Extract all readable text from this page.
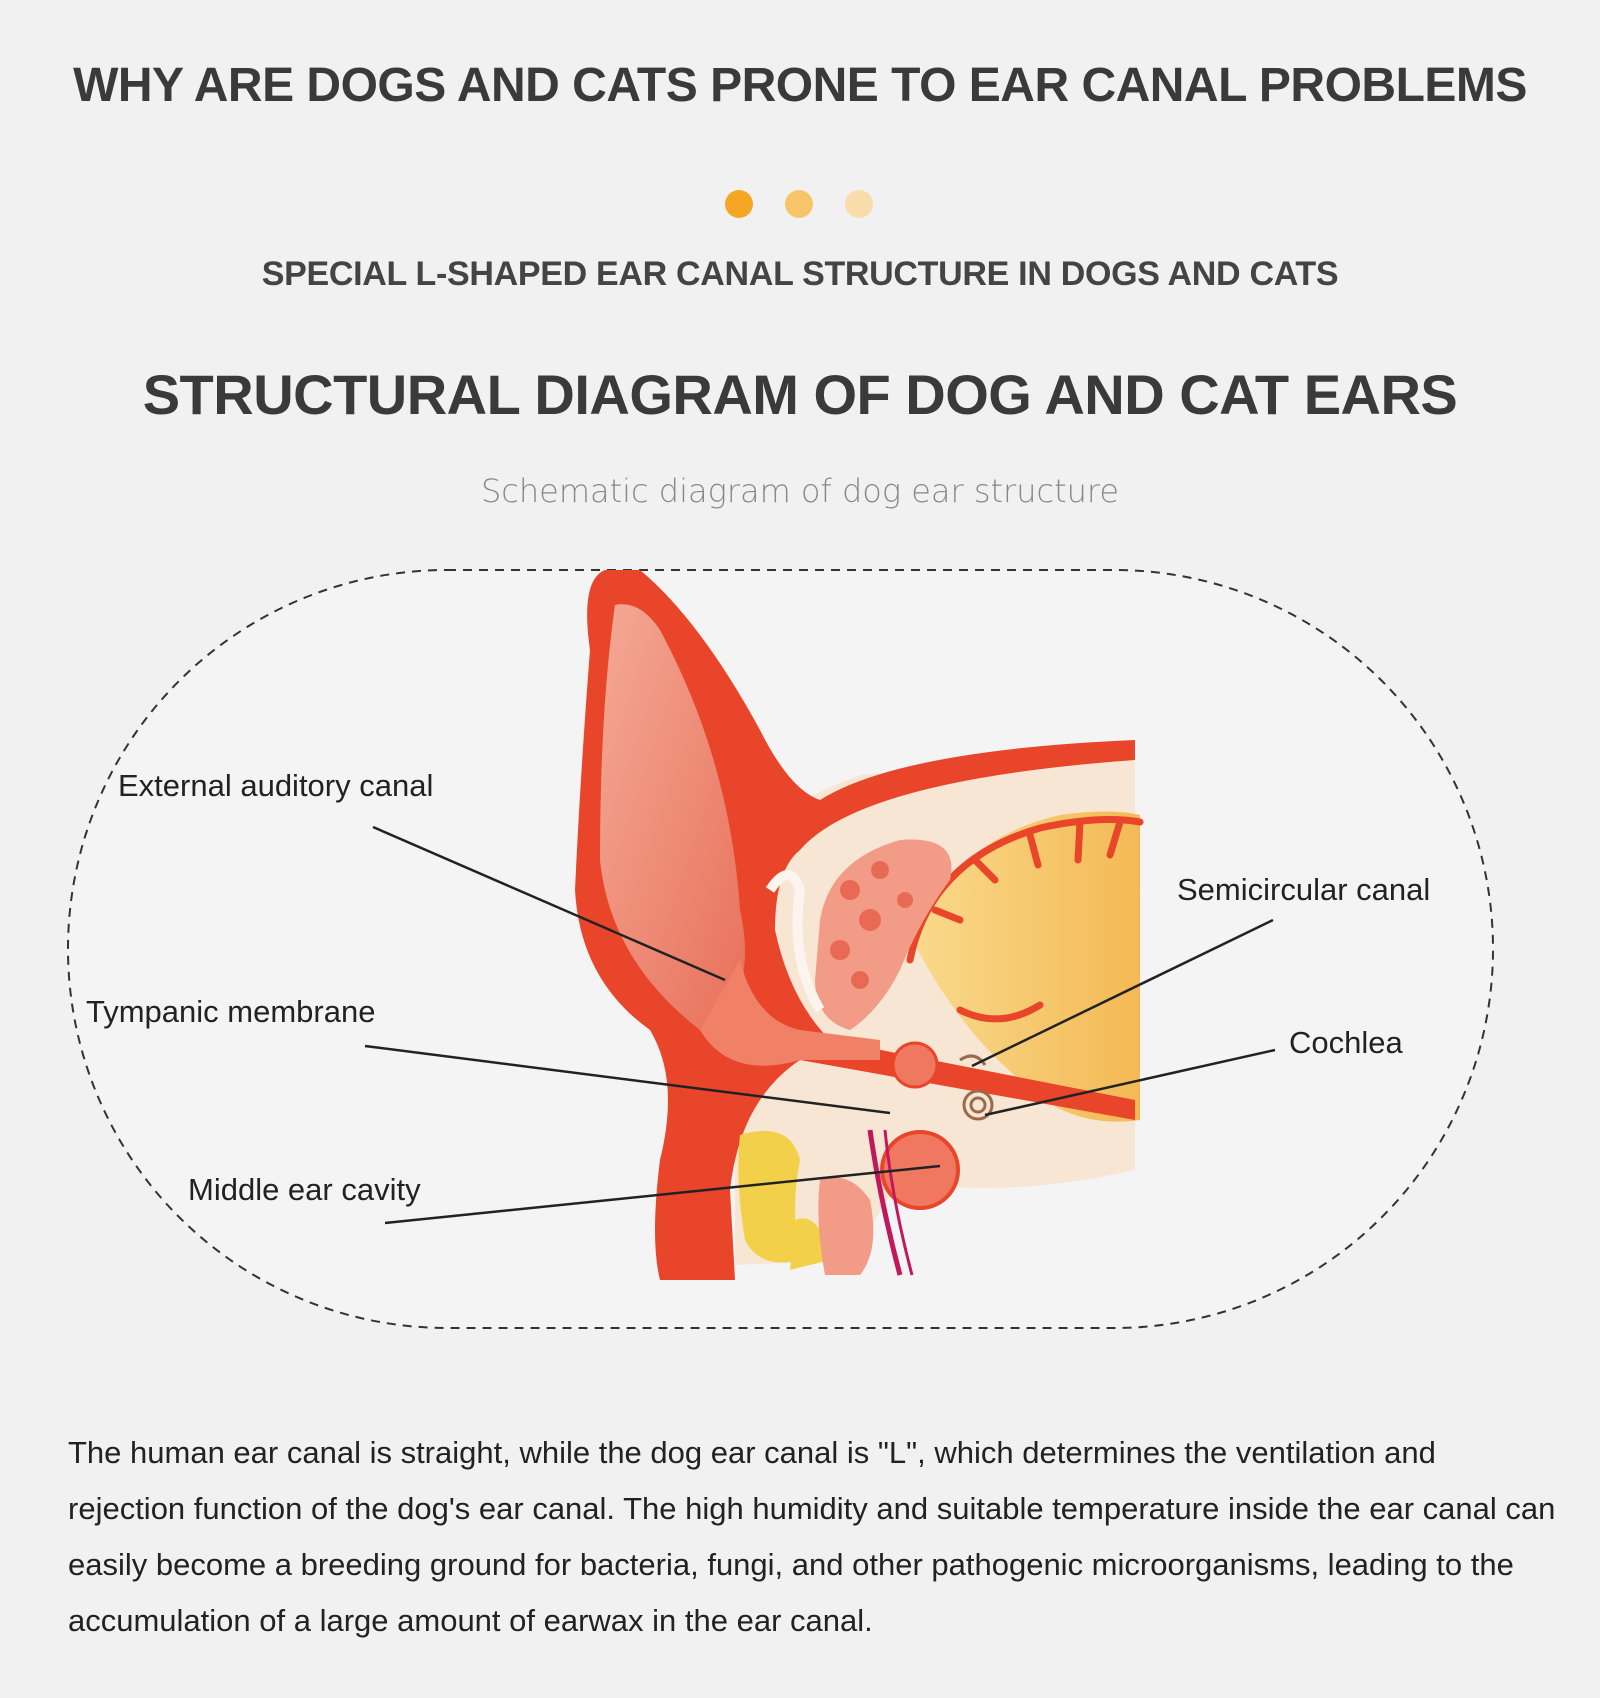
WHY ARE DOGS AND CATS PRONE TO EAR CANAL PROBLEMS
SPECIAL L-SHAPED EAR CANAL STRUCTURE IN DOGS AND CATS
STRUCTURAL DIAGRAM OF DOG AND CAT EARS

Schematic diagram of dog ear structure

External auditory canal
Tympanic membrane
Middle ear cavity
Semicircular canal
Cochlea

The human ear canal is straight, while the dog ear canal is "L", which determines the ventilation and rejection function of the dog's ear canal. The high humidity and suitable temperature inside the ear canal can easily become a breeding ground for bacteria, fungi, and other pathogenic microorganisms, leading to the accumulation of a large amount of earwax in the ear canal.
